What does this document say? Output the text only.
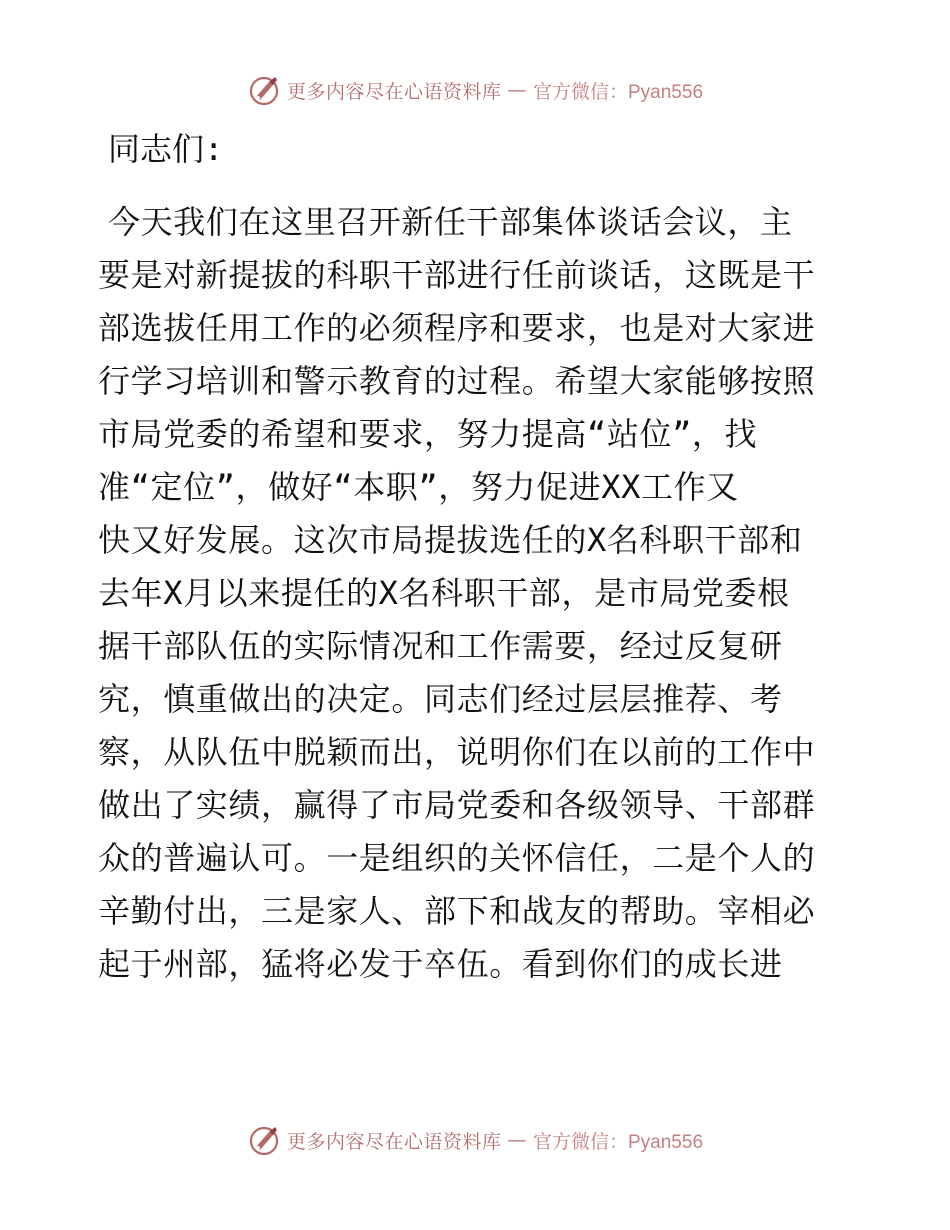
更多内容尽在心语资料库 — 官方微信：Pyan556
同志们:
今天我们在这里召开新任干部集体谈话会议，主
要是对新提拔的科职干部进行任前谈话，这既是干
部选拔任用工作的必须程序和要求，也是对大家进
行学习培训和警示教育的过程。希望大家能够按照
市局党委的希望和要求，努力提高“站位”，找
准“定位”，做好“本职”，努力促进XX工作又
快又好发展。这次市局提拔选任的X名科职干部和
去年X月以来提任的X名科职干部，是市局党委根
据干部队伍的实际情况和工作需要，经过反复研
究，慎重做出的决定。同志们经过层层推荐、考
察，从队伍中脱颖而出，说明你们在以前的工作中
做出了实绩，赢得了市局党委和各级领导、干部群
众的普遍认可。一是组织的关怀信任，二是个人的
辛勤付出，三是家人、部下和战友的帮助。宰相必
起于州部，猛将必发于卒伍。看到你们的成长进
更多内容尽在心语资料库 — 官方微信：Pyan556
